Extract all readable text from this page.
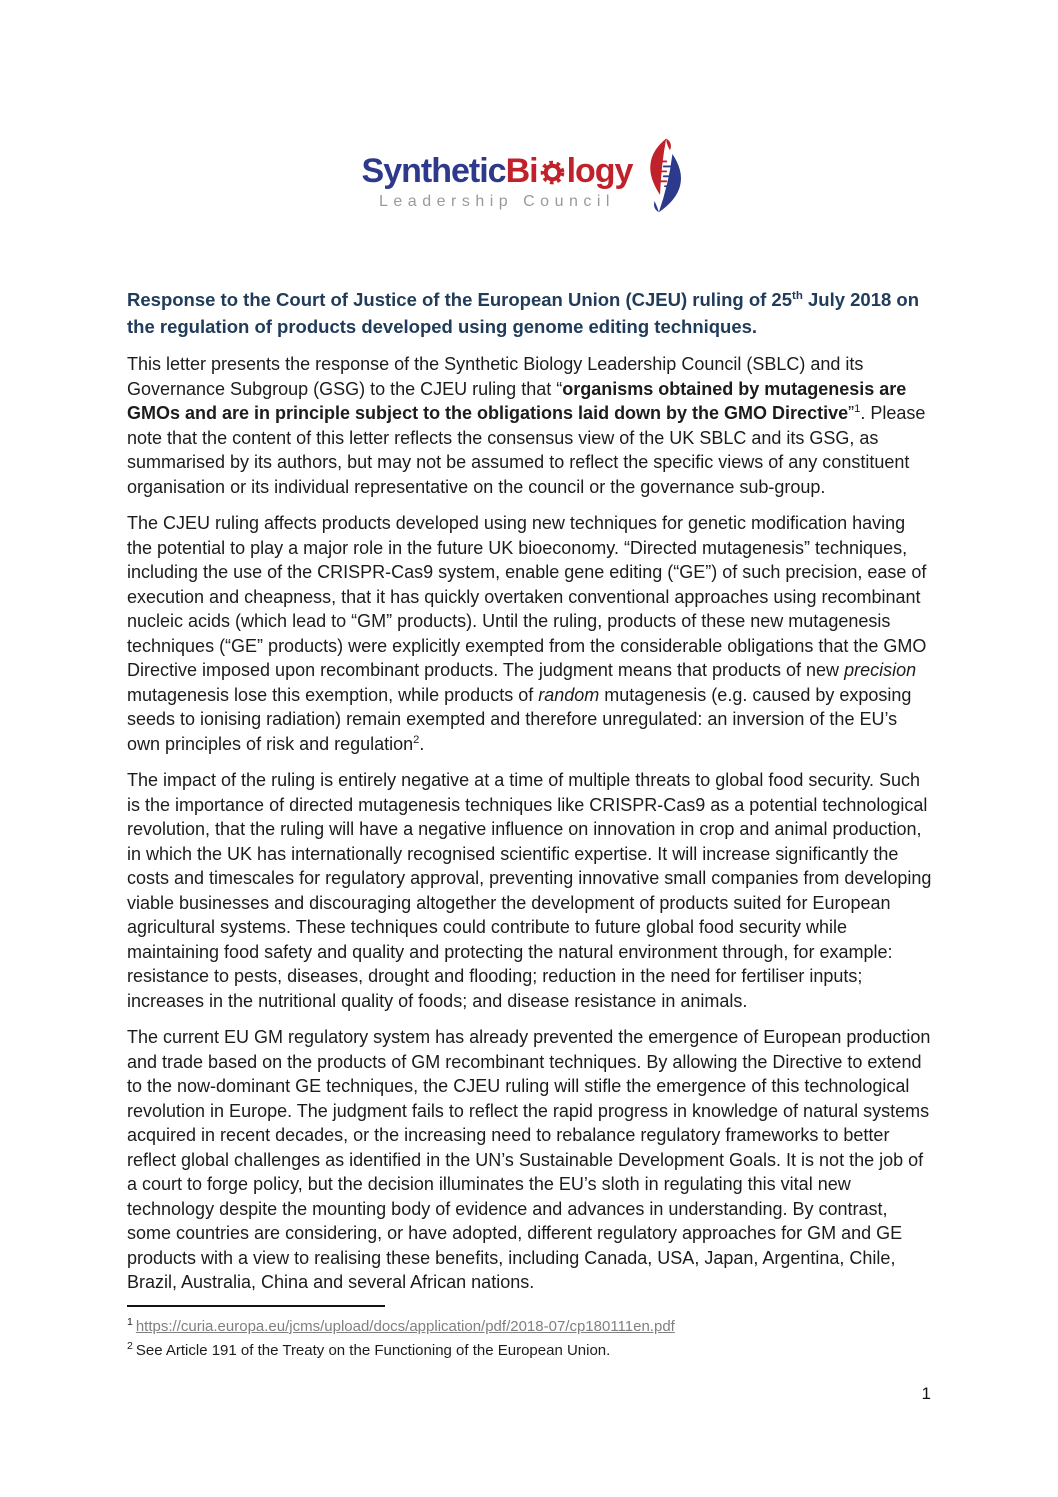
Synthetic Bi logy
Leadership Council
Response to the Court of Justice of the European Union (CJEU) ruling of 25th July 2018 on the regulation of products developed using genome editing techniques.

This letter presents the response of the Synthetic Biology Leadership Council (SBLC) and its Governance Subgroup (GSG) to the CJEU ruling that “organisms obtained by mutagenesis are GMOs and are in principle subject to the obligations laid down by the GMO Directive”$^1$. Please note that the content of this letter reflects the consensus view of the UK SBLC and its GSG, as summarised by its authors, but may not be assumed to reflect the specific views of any constituent organisation or its individual representative on the council or the governance sub-group.

The CJEU ruling affects products developed using new techniques for genetic modification having the potential to play a major role in the future UK bioeconomy. “Directed mutagenesis” techniques, including the use of the CRISPR-Cas9 system, enable gene editing (“GE”) of such precision, ease of execution and cheapness, that it has quickly overtaken conventional approaches using recombinant nucleic acids (which lead to “GM” products). Until the ruling, products of these new mutagenesis techniques (“GE” products) were explicitly exempted from the considerable obligations that the GMO Directive imposed upon recombinant products. The judgment means that products of new precision mutagenesis lose this exemption, while products of random mutagenesis (e.g. caused by exposing seeds to ionising radiation) remain exempted and therefore unregulated: an inversion of the EU’s own principles of risk and regulation$^2$.

The impact of the ruling is entirely negative at a time of multiple threats to global food security. Such is the importance of directed mutagenesis techniques like CRISPR-Cas9 as a potential technological revolution, that the ruling will have a negative influence on innovation in crop and animal production, in which the UK has internationally recognised scientific expertise. It will increase significantly the costs and timescales for regulatory approval, preventing innovative small companies from developing viable businesses and discouraging altogether the development of products suited for European agricultural systems. These techniques could contribute to future global food security while maintaining food safety and quality and protecting the natural environment through, for example: resistance to pests, diseases, drought and flooding; reduction in the need for fertiliser inputs; increases in the nutritional quality of foods; and disease resistance in animals.

The current EU GM regulatory system has already prevented the emergence of European production and trade based on the products of GM recombinant techniques. By allowing the Directive to extend to the now-dominant GE techniques, the CJEU ruling will stifle the emergence of this technological revolution in Europe. The judgment fails to reflect the rapid progress in knowledge of natural systems acquired in recent decades, or the increasing need to rebalance regulatory frameworks to better reflect global challenges as identified in the UN’s Sustainable Development Goals. It is not the job of a court to forge policy, but the decision illuminates the EU’s sloth in regulating this vital new technology despite the mounting body of evidence and advances in understanding. By contrast, some countries are considering, or have adopted, different regulatory approaches for GM and GE products with a view to realising these benefits, including Canada, USA, Japan, Argentina, Chile, Brazil, Australia, China and several African nations.

$^1$ https://curia.europa.eu/jcms/upload/docs/application/pdf/2018-07/cp180111en.pdf
$^2$ See Article 191 of the Treaty on the Functioning of the European Union.
1
